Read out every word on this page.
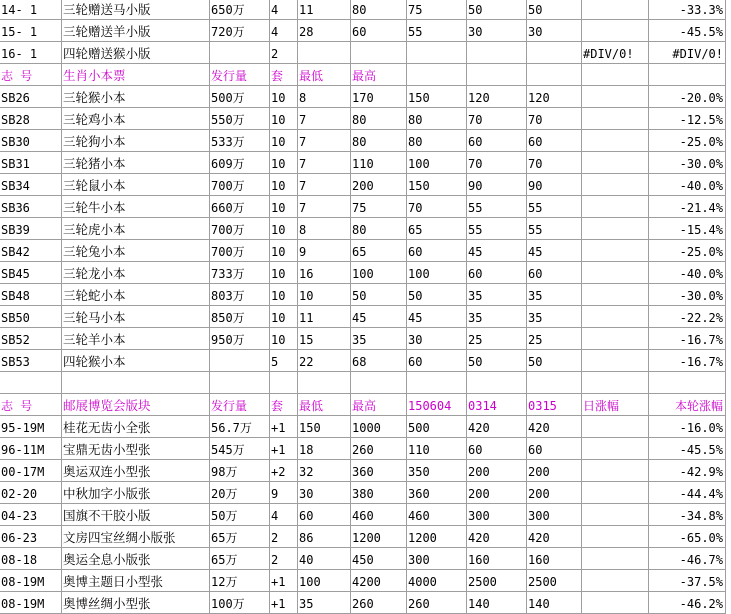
14- 1	三轮赠送马小版	650万	4	11	80	75	50	50		-33.3%
15- 1	三轮赠送羊小版	720万	4	28	60	55	30	30		-45.5%
16- 1	四轮赠送猴小版		2						#DIV/0!	#DIV/0!
志 号	生肖小本票	发行量	套	最低	最高					
SB26	三轮猴小本	500万	10	8	170	150	120	120		-20.0%
SB28	三轮鸡小本	550万	10	7	80	80	70	70		-12.5%
SB30	三轮狗小本	533万	10	7	80	80	60	60		-25.0%
SB31	三轮猪小本	609万	10	7	110	100	70	70		-30.0%
SB34	三轮鼠小本	700万	10	7	200	150	90	90		-40.0%
SB36	三轮牛小本	660万	10	7	75	70	55	55		-21.4%
SB39	三轮虎小本	700万	10	8	80	65	55	55		-15.4%
SB42	三轮兔小本	700万	10	9	65	60	45	45		-25.0%
SB45	三轮龙小本	733万	10	16	100	100	60	60		-40.0%
SB48	三轮蛇小本	803万	10	10	50	50	35	35		-30.0%
SB50	三轮马小本	850万	10	11	45	45	35	35		-22.2%
SB52	三轮羊小本	950万	10	15	35	30	25	25		-16.7%
SB53	四轮猴小本		5	22	68	60	50	50		-16.7%

志 号	邮展博览会版块	发行量	套	最低	最高	150604	0314	0315	日涨幅	本轮涨幅
95-19M	桂花无齿小全张	56.7万	+1	150	1000	500	420	420		-16.0%
96-11M	宝鼎无齿小型张	545万	+1	18	260	110	60	60		-45.5%
00-17M	奥运双连小型张	98万	+2	32	360	350	200	200		-42.9%
02-20	中秋加字小版张	20万	9	30	380	360	200	200		-44.4%
04-23	国旗不干胶小版	50万	4	60	460	460	300	300		-34.8%
06-23	文房四宝丝绸小版张	65万	2	86	1200	1200	420	420		-65.0%
08-18	奥运全息小版张	65万	2	40	450	300	160	160		-46.7%
08-19M	奥博主题日小型张	12万	+1	100	4200	4000	2500	2500		-37.5%
08-19M	奥博丝绸小型张	100万	+1	35	260	260	140	140		-46.2%
